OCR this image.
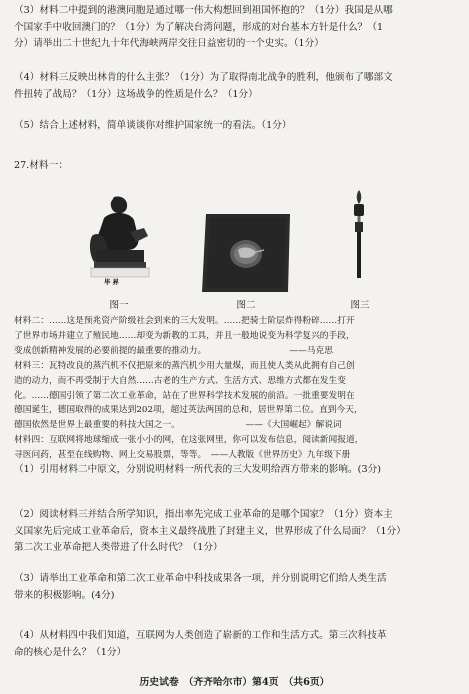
（3）材料二中提到的港澳同胞是通过哪一伟大构想回到祖国怀抱的？（1分）我国是从哪
个国家手中收回澳门的？（1分）为了解决台湾问题，形成的对台基本方针是什么？（1
分）请举出二十世纪九十年代海峡两岸交往日益密切的一个史实。（1分）
（4）材料三反映出林肯的什么主张？（1分）为了取得南北战争的胜利，他颁布了哪部文
件扭转了战局？（1分）这场战争的性质是什么？（1分）
（5）结合上述材料，简单谈谈你对维护国家统一的看法。（1分）
27.材料一：
毕昇
图一	图二	图三
材料二：……这是预兆资产阶级社会到来的三大发明。……把骑士阶层炸得粉碎……打开
了世界市场并建立了殖民地……却变为新教的工具，并且一般地说变为科学复兴的手段，
变成创新精神发展的必要前提的最重要的推动力。　　　　　　　　　　——马克思
材料三：瓦特改良的蒸汽机不仅把原来的蒸汽机少用大量煤，而且使人类从此拥有自己创
造的动力，而不再受制于大自然……古老的生产方式、生活方式、思维方式都在发生变
化。……德国引领了第二次工业革命，站在了世界科学技术发展的前沿。一批重要发明在
德国诞生，德国取得的成果达到202项，超过英法两国的总和，居世界第二位。直到今天，
德国依然是世界上最重要的科技大国之一。　　　　　　　　——《大国崛起》解说词
材料四：互联网将地球缩成一张小小的网，在这张网里，你可以发布信息，阅读新闻报道，
寻医问药，甚至在线购物、网上交易股票，等等。　——人教版《世界历史》九年级下册
（1）引用材料二中原文，分别说明材料一所代表的三大发明给西方带来的影响。(3分)
（2）阅读材料三并结合所学知识，指出率先完成工业革命的是哪个国家？（1分）资本主
义国家先后完成工业革命后，资本主义最终战胜了封建主义，世界形成了什么局面？（1分）
第二次工业革命把人类带进了什么时代？（1分）
（3）请举出工业革命和第二次工业革命中科技成果各一项，并分别说明它们给人类生活
带来的积极影响。(4分)
（4）从材料四中我们知道，互联网为人类创造了崭新的工作和生活方式。第三次科技革
命的核心是什么？（1分）
历史试卷　（齐齐哈尔市）第4页　（共6页）
